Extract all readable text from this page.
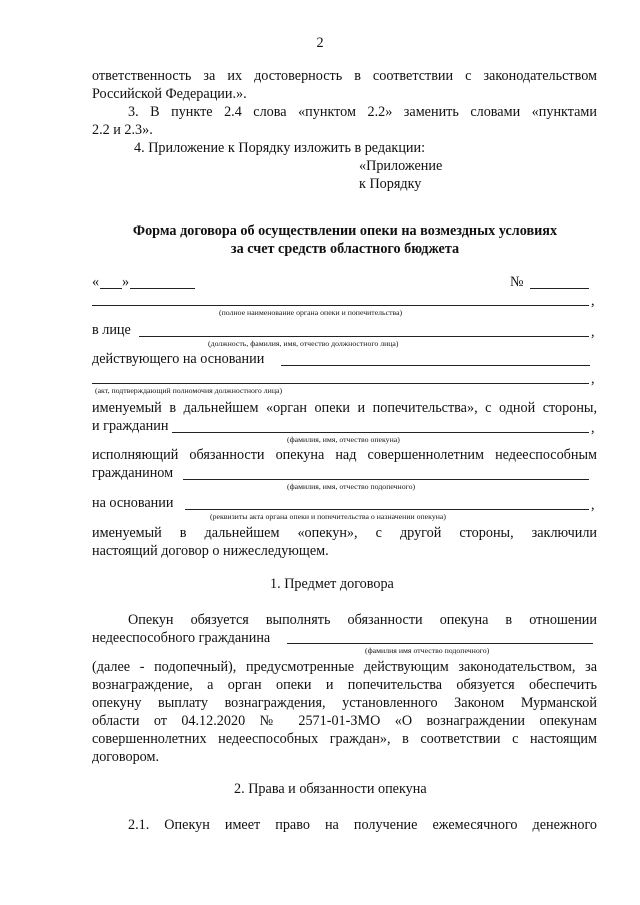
2
ответственность за их достоверность в соответствии с законодательством
Российской Федерации.».
3. В пункте 2.4 слова «пунктом 2.2» заменить словами «пунктами
2.2 и 2.3».
4. Приложение к Порядку изложить в редакции:
«Приложение
к Порядку
Форма договора об осуществлении опеки на возмездных условиях
за счет средств областного бюджета
« »	№
,
(полное наименование органа опеки и попечительства)
в лице	,
(должность, фамилия, имя, отчество должностного лица)
действующего на основании
,
(акт, подтверждающий полномочия должностного лица)
именуемый в дальнейшем «орган опеки и попечительства», с одной стороны,
и гражданин	,
(фамилия, имя, отчество опекуна)
исполняющий обязанности опекуна над совершеннолетним недееспособным
гражданином
(фамилия, имя, отчество подопечного)
на основании	,
(реквизиты акта органа опеки и попечительства о назначении опекуна)
именуемый в дальнейшем «опекун», с другой стороны, заключили
настоящий договор о нижеследующем.
1. Предмет договора
Опекун обязуется выполнять обязанности опекуна в отношении
недееспособного гражданина
(фамилия имя отчество подопечного)
(далее - подопечный), предусмотренные действующим законодательством, за
вознаграждение, а орган опеки и попечительства обязуется обеспечить
опекуну выплату вознаграждения, установленного Законом Мурманской
области от 04.12.2020 № 2571-01-ЗМО «О вознаграждении опекунам
совершеннолетних недееспособных граждан», в соответствии с настоящим
договором.
2. Права и обязанности опекуна
2.1. Опекун имеет право на получение ежемесячного денежного
